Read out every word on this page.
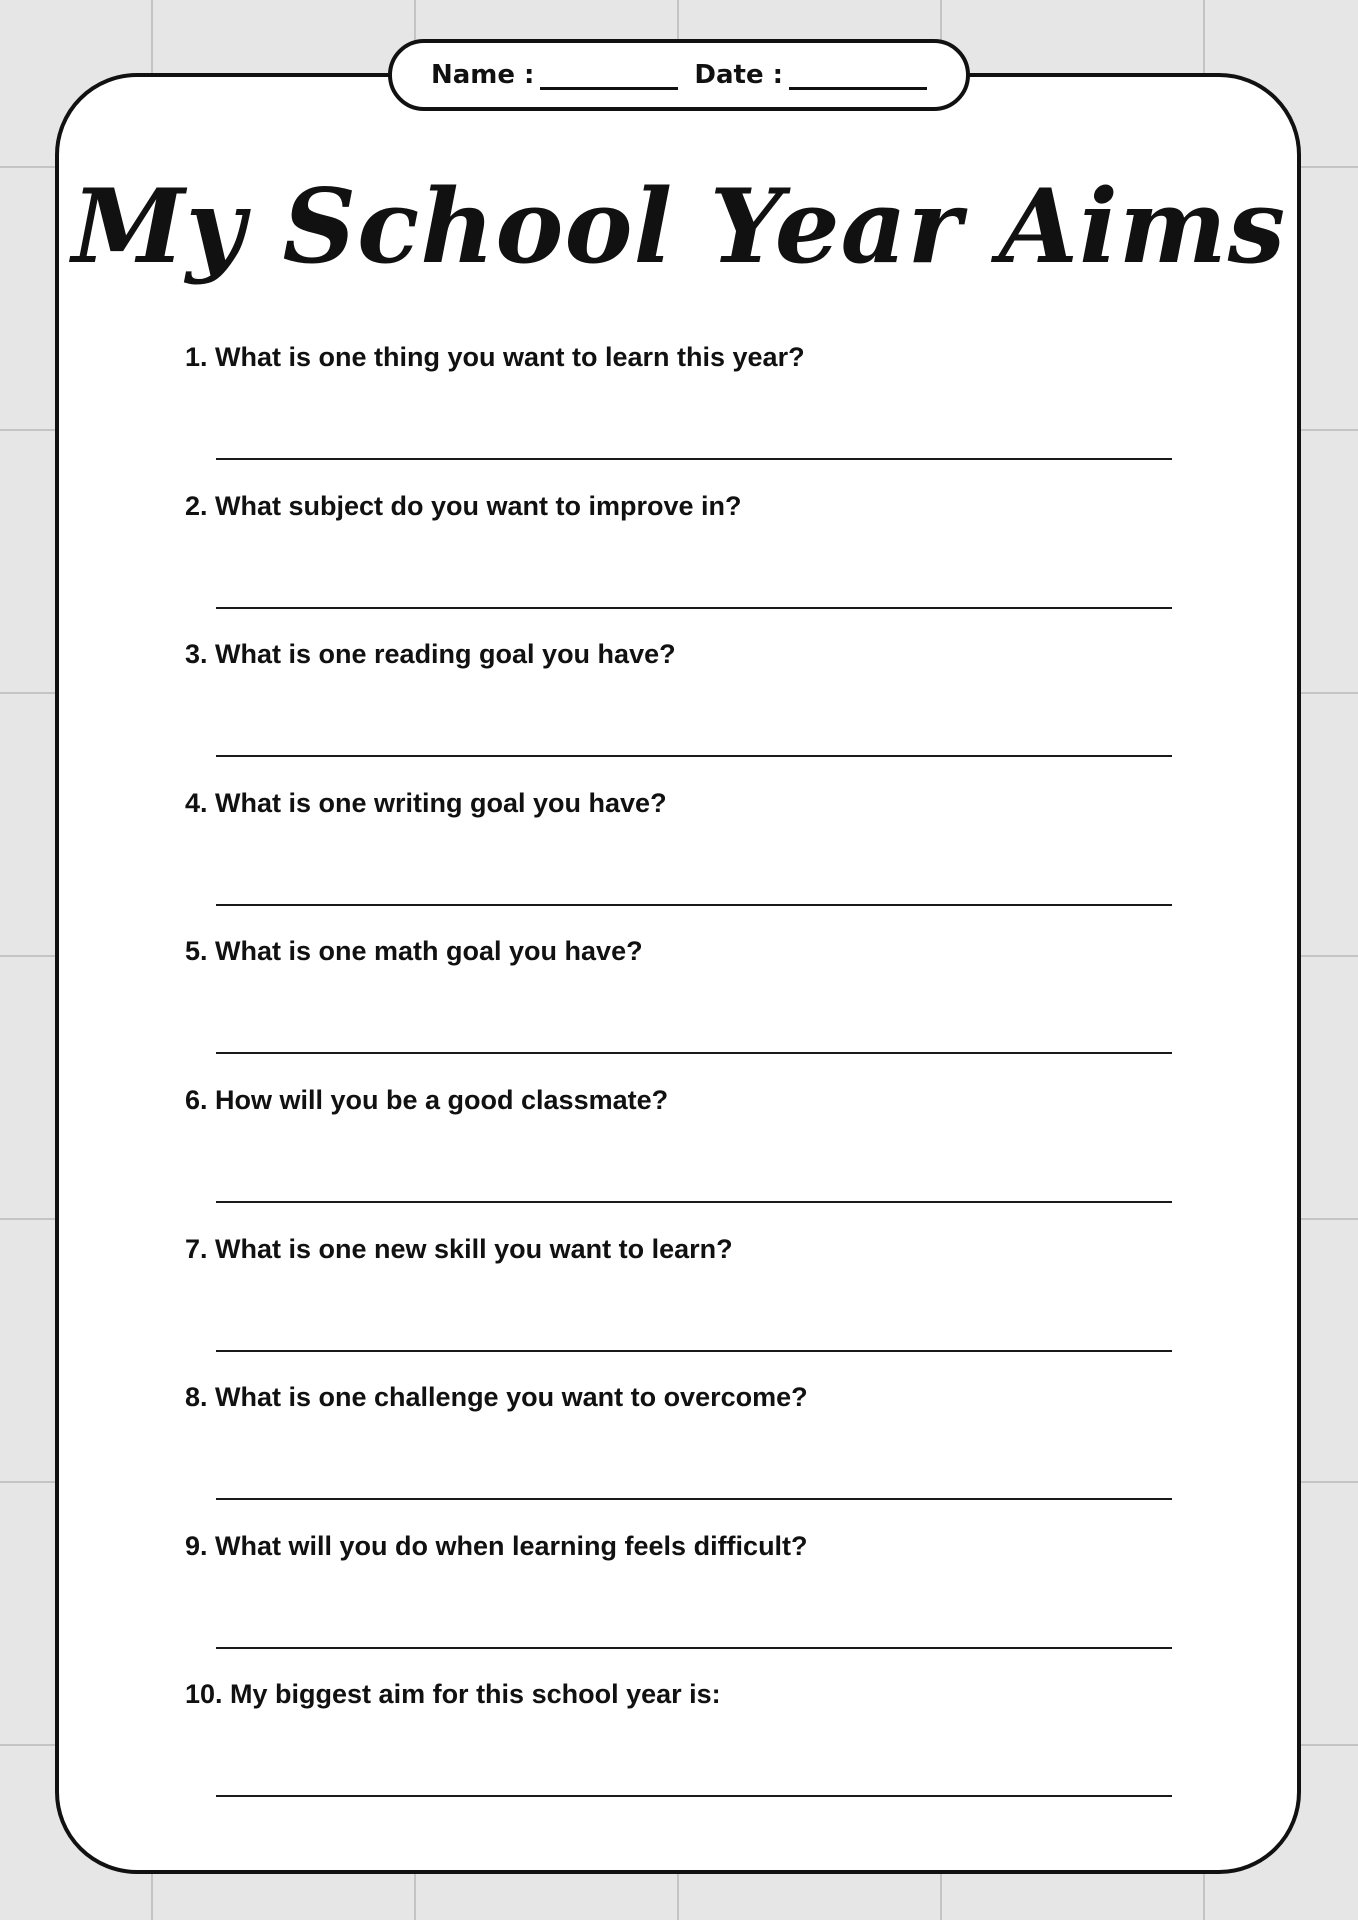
Name :	Date :
My School Year Aims
1. What is one thing you want to learn this year?
2. What subject do you want to improve in?
3. What is one reading goal you have?
4. What is one writing goal you have?
5. What is one math goal you have?
6. How will you be a good classmate?
7. What is one new skill you want to learn?
8. What is one challenge you want to overcome?
9. What will you do when learning feels difficult?
10. My biggest aim for this school year is:
